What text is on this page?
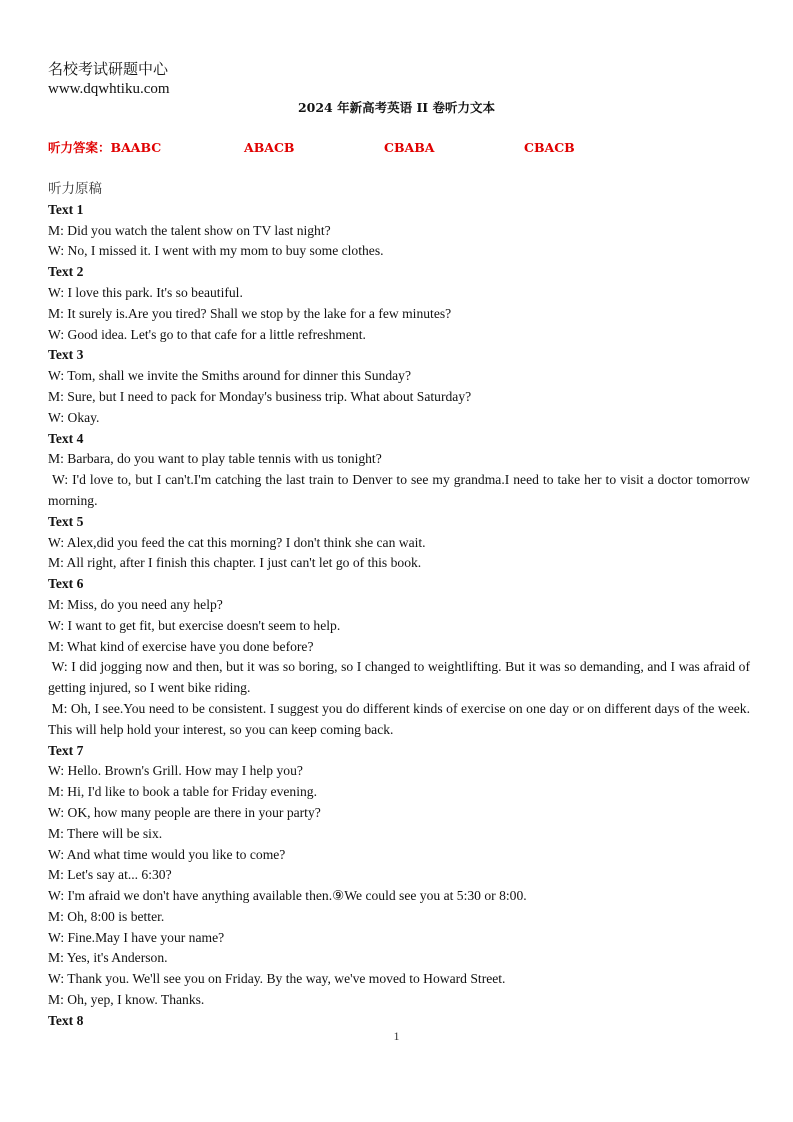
名校考试研题中心
www.dqwhtiku.com
2024 年新高考英语 II 卷听力文本
听力答案：BAABC	ABACB	CBABA	CBACB
听力原稿
Text 1
M: Did you watch the talent show on TV last night?
W: No, I missed it. I went with my mom to buy some clothes.
Text 2
W: I love this park. It's so beautiful.
M: It surely is.Are you tired? Shall we stop by the lake for a few minutes?
W: Good idea. Let's go to that cafe for a little refreshment.
Text 3
W: Tom, shall we invite the Smiths around for dinner this Sunday?
M: Sure, but I need to pack for Monday's business trip. What about Saturday?
W: Okay.
Text 4
M: Barbara, do you want to play table tennis with us tonight?
W: I'd love to, but I can't.I'm catching the last train to Denver to see my grandma.I need to take her to visit a doctor tomorrow morning.
Text 5
W: Alex,did you feed the cat this morning? I don't think she can wait.
M: All right, after I finish this chapter. I just can't let go of this book.
Text 6
M: Miss, do you need any help?
W: I want to get fit, but exercise doesn't seem to help.
M: What kind of exercise have you done before?
W: I did jogging now and then, but it was so boring, so I changed to weightlifting. But it was so demanding, and I was afraid of getting injured, so I went bike riding.
M: Oh, I see.You need to be consistent. I suggest you do different kinds of exercise on one day or on different days of the week. This will help hold your interest, so you can keep coming back.
Text 7
W: Hello. Brown's Grill. How may I help you?
M: Hi, I'd like to book a table for Friday evening.
W: OK, how many people are there in your party?
M: There will be six.
W: And what time would you like to come?
M: Let's say at... 6:30?
W: I'm afraid we don't have anything available then.⑨We could see you at 5:30 or 8:00.
M: Oh, 8:00 is better.
W: Fine.May I have your name?
M: Yes, it's Anderson.
W: Thank you. We'll see you on Friday. By the way, we've moved to Howard Street.
M: Oh, yep, I know. Thanks.
Text 8
1
